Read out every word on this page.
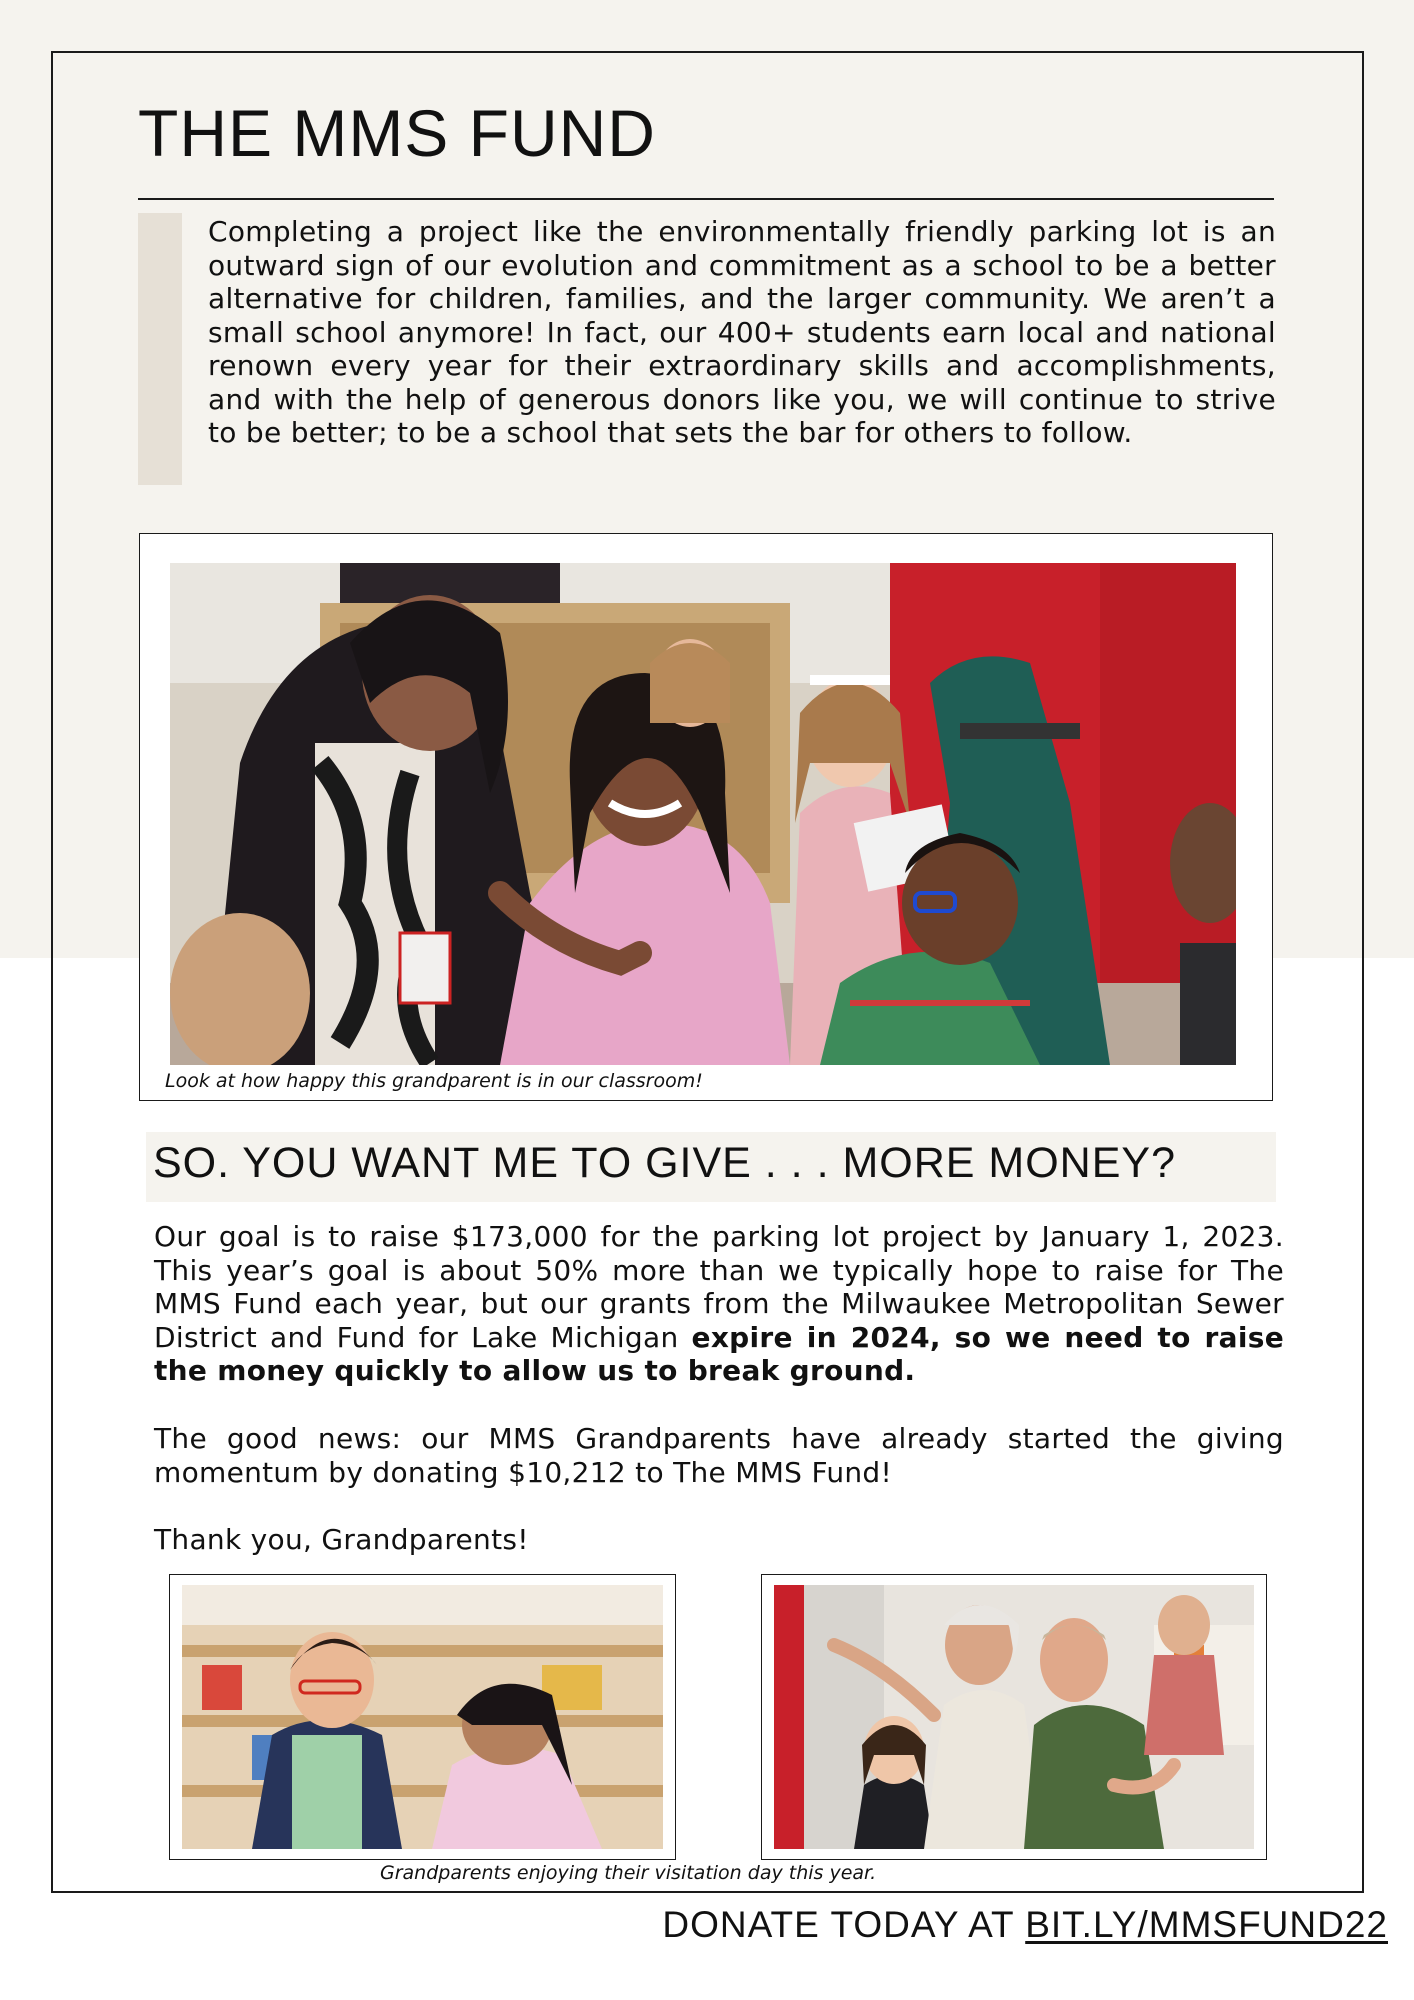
THE MMS FUND

Completing a project like the environmentally friendly parking lot is an outward sign of our evolution and commitment as a school to be a better alternative for children, families, and the larger community. We aren’t a small school anymore! In fact, our 400+ students earn local and national renown every year for their extraordinary skills and accomplishments, and with the help of generous donors like you, we will continue to strive to be better; to be a school that sets the bar for others to follow.

Look at how happy this grandparent is in our classroom!
SO. YOU WANT ME TO GIVE . . . MORE MONEY?

Our goal is to raise $173,000 for the parking lot project by January 1, 2023. This year’s goal is about 50% more than we typically hope to raise for The MMS Fund each year, but our grants from the Milwaukee Metropolitan Sewer District and Fund for Lake Michigan expire in 2024, so we need to raise the money quickly to allow us to break ground.

The good news: our MMS Grandparents have already started the giving momentum by donating $10,212 to The MMS Fund!

Thank you, Grandparents!

Grandparents enjoying their visitation day this year.
DONATE TODAY AT BIT.LY/MMSFUND22
